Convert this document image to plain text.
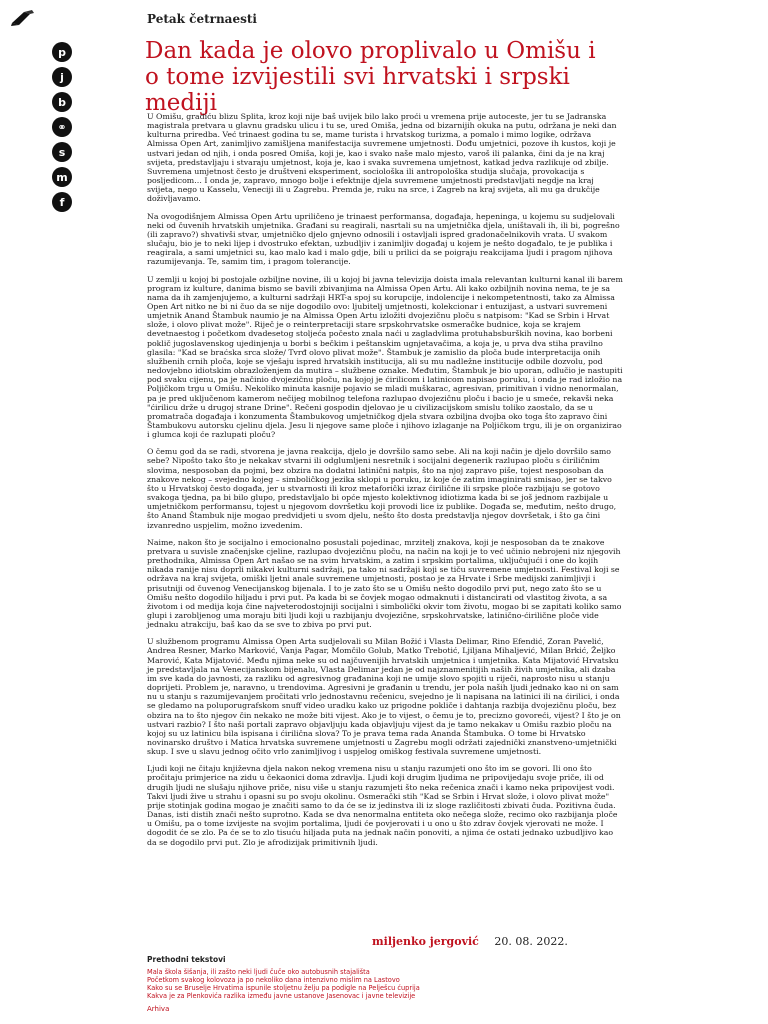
Petak četrnaesti
p
j
b
⚭
s
m
f
Dan kada je olovo proplivalo u Omišu i o tome izvijestili svi hrvatski i srpski mediji

U Omišu, gradiću blizu Splita, kroz koji nije baš uvijek bilo lako proći u vremena prije autoceste, jer tu se Jadranska magistrala pretvara u glavnu gradsku ulicu i tu se, ured Omiša, jedna od bizarnijih okuka na putu, održana je neki dan kulturna priredba. Već trinaest godina tu se, mame turista i hrvatskog turizma, a pomalo i mimo logike, održava Almissa Open Art, zanimljivo zamišljena manifestacija suvremene umjetnosti. Dođu umjetnici, pozove ih kustos, koji je ustvari jedan od njih, i onda posred Omiša, koji je, kao i svako naše malo mjesto, varoš ili palanka, čini da je na kraj svijeta, predstavljaju i stvaraju umjetnost, koja je, kao i svaka suvremena umjetnost, katkad jedva razlikuje od zbilje. Suvremena umjetnost često je društveni eksperiment, sociološka ili antropološka studija slučaja, provokacija s posljedicom… I onda je, zapravo, mnogo bolje i efektnije djela suvremene umjetnosti predstavljati negdje na kraj svijeta, nego u Kasselu, Veneciji ili u Zagrebu. Premda je, ruku na srce, i Zagreb na kraj svijeta, ali mu ga drukčije doživljavamo.

Na ovogodišnjem Almissa Open Artu upriličeno je trinaest performansa, događaja, hepeninga, u kojemu su sudjelovali neki od čuvenih hrvatskih umjetnika. Građani su reagirali, nasrtali su na umjetnička djela, uništavali ih, ili bi, pogrešno (ili zapravo?) shvativši stvar, umjetničko djelo gnjevno odnosili i ostavljali ispred gradonačelnikovih vrata. U svakom slučaju, bio je to neki lijep i dvostruko efektan, uzbudljiv i zanimljiv događaj u kojem je nešto događalo, te je publika i reagirala, a sami umjetnici su, kao malo kad i malo gdje, bili u prilici da se poigraju reakcijama ljudi i pragom njihova razumijevanja. Te, samim tim, i pragom tolerancije.

U zemlji u kojoj bi postojale ozbiljne novine, ili u kojoj bi javna televizija doista imala relevantan kulturni kanal ili barem program iz kulture, danima bismo se bavili zbivanjima na Almissa Open Artu. Ali kako ozbiljnih novina nema, te je sa nama da ih zamjenjujemo, a kulturni sadržaji HRT-a spoj su korupcije, indolencije i nekompetentnosti, tako za Almissa Open Art nitko ne bi ni čuo da se nije dogodilo ovo: ljubitelj umjetnosti, kolekcionar i entuzijast, a ustvari suvremeni umjetnik Anand Štambuk naumio je na Almissa Open Artu izložiti dvojezičnu ploču s natpisom: "Kad se Srbin i Hrvat slože, i olovo plivat može". Riječ je o reinterpretaciji stare srpskohrvatske osmeračke budnice, koja se krajem devetnaestog i početkom dvadesetog stoljeća počesto znala naći u zagladvlima protuhabsburških novina, kao borbeni poklič jugoslavenskog ujedinjenja u borbi s bečkim i peštanskim ugnjetavačima, a koja je, u prva dva stiha pravilno glasila: "Kad se braćska srca slože/ Tvrđ olovo plivat može". Štambuk je zamislio da ploča bude interpretacija onih službenih crnih ploča, koje se vješaju ispred hrvatskih institucija, ali su mu nadležne institucije odbile dozvolu, pod nedovjebno idiotskim obrazloženjem da mutira – službene oznake. Međutim, Štambuk je bio uporan, odlučio je nastupiti pod svaku cijenu, pa je načinio dvojezičnu ploču, na kojoj je ćirilicom i latinicom napisao poruku, i onda je rad izložio na Poljičkom trgu u Omišu. Nekoliko minuta kasnije pojavio se mladi muškarac, agresivan, primitivan i vidno nenormalan, pa je pred uključenom kamerom nečijeg mobilnog telefona razlupao dvojezičnu ploču i bacio je u smeće, rekavši neka "ćirilicu drže u drugoj strane Drine". Rečeni gospodin djelovao je u civilizacijskom smislu toliko zaostalo, da se u promatrača događaja i konzumenta Štambukovog umjetničkog djela stvara ozbiljna dvojba oko toga što zapravo čini Štambukovu autorsku cjelinu djela. Jesu li njegove same ploče i njihovo izlaganje na Poljičkom trgu, ili je on organizirao i glumca koji će razlupati ploču?

O čemu god da se radi, stvorena je javna reakcija, djelo je dovršilo samo sebe. Ali na koji način je djelo dovršilo samo sebe? Nipošto tako što je nekakav stvarni ili odglumljeni nesretnik i socijalni degenerik razlupao ploču s ćiriličnim slovima, nesposoban da pojmi, bez obzira na dodatni latinični natpis, što na njoj zapravo piše, tojest nesposoban da znakove nekog – svejedno kojeg – simboličkog jezika sklopi u poruku, iz koje će zatim imaginirati smisao, jer se takvo što u Hrvatskoj često događa, jer u stvarnosti ili kroz metaforički izraz ćirilične ili srpske ploče razbijaju se gotovo svakoga tjedna, pa bi bilo glupo, predstavljalo bi opće mjesto kolektivnog idiotizma kada bi se još jednom razbijale u umjetničkom performansu, tojest u njegovom dovršetku koji provodi lice iz publike. Događa se, međutim, nešto drugo, što Anand Štambuk nije mogao predvidjeti u svom djelu, nešto što dosta predstavlja njegov dovršetak, i što ga čini izvanredno uspjelim, možno izvedenim.

Naime, nakon što je socijalno i emocionalno posustali pojedinac, mrzitelj znakova, koji je nesposoban da te znakove pretvara u suvisle značenjske cjeline, razlupao dvojezičnu ploču, na način na koji je to već učinio nebrojeni niz njegovih prethodnika, Almissa Open Art našao se na svim hrvatskim, a zatim i srpskim portalima, uključujući i one do kojih nikada ranije nisu doprli nikakvi kulturni sadržaji, pa tako ni sadržaji koji se tiču suvremene umjetnosti. Festival koji se održava na kraj svijeta, omiški ljetni anale suvremene umjetnosti, postao je za Hrvate i Srbe medijski zanimljivji i prisutniji od čuvenog Venecijanskog bijenala. I to je zato što se u Omišu nešto dogodilo prvi put, nego zato što se u Omišu nešto dogodilo hiljadu i prvi put. Pa kada bi se čovjek mogao odmaknuti i distancirati od vlastitog života, a sa životom i od medija koja čine najveterodostojniji socijalni i simbolički okvir tom životu, mogao bi se zapitati koliko samo glupi i zarobljenog uma moraju biti ljudi koji u razbijanju dvojezične, srpskohrvatske, latinično-ćirilične ploče vide jednaku atrakciju, baš kao da se sve to zbiva po prvi put.

U službenom programu Almissa Open Arta sudjelovali su Milan Božić i Vlasta Delimar, Rino Efendić, Zoran Pavelić, Andrea Resner, Marko Marković, Vanja Pagar, Momčilo Golub, Matko Trebotić, Ljiljana Mihaljević, Milan Brkić, Željko Marović, Kata Mijatović. Među njima neke su od najčuvenijih hrvatskih umjetnica i umjetnika. Kata Mijatović Hrvatsku je predstavljala na Venecijanskom bijenalu, Vlasta Delimar jedan je od najznamenitijih naših živih umjetnika, ali dzaba im sve kada do javnosti, za razliku od agresivnog građanina koji ne umije slovo spojiti u riječi, naprosto nisu u stanju doprijeti. Problem je, naravno, u trendovima. Agresivni je građanin u trendu, jer pola naših ljudi jednako kao ni on sam nu u stanju s razumijevanjem pročitati vrlo jednostavnu rečenicu, svejedno je li napisana na latinici ili na ćirilici, i onda se gledamo na poluporugrafskom snuff video uradku kako uz prigodne pokliče i dahtanja razbija dvojezičnu ploču, bez obzira na to što njegov čin nekako ne može biti vijest. Ako je to vijest, o čemu je to, precizno govoreći, vijest? I što je on ustvari razbio? I što naši portali zapravo objavljuju kada objavljuju vijest da je tamo nekakav u Omišu razbio ploču na kojoj su uz latinicu bila ispisana i ćirilična slova? To je prava tema rada Ananda Štambuka. O tome bi Hrvatsko novinarsko društvo i Matica hrvatska suvremene umjetnosti u Zagrebu mogli održati zajednički znanstveno-umjetnički skup. I sve u slavu jednog očito vrlo zanimljivog i uspjelog omiškog festivala suvremene umjetnosti.

Ljudi koji ne čitaju književna djela nakon nekog vremena nisu u stanju razumjeti ono što im se govori. Ili ono što pročitaju primjerice na zidu u čekaonici doma zdravlja. Ljudi koji drugim ljudima ne pripovijedaju svoje priče, ili od drugih ljudi ne slušaju njihove priče, nisu više u stanju razumjeti što neka rečenica znači i kamo neka pripovijest vodi. Takvi ljudi žive u strahu i opasni su po svoju okolinu. Osmerački stih "Kad se Srbin i Hrvat slože, i olovo plivat može" prije stotinjak godina mogao je značiti samo to da će se iz jedinstva ili iz sloge različitosti zbivati čuda. Pozitivna čuda. Danas, isti distih znači nešto suprotno. Kada se dva nenormalna entiteta oko nečega slože, recimo oko razbijanja ploče u Omišu, pa o tome izvijeste na svojim portalima, ljudi će povjerovati i u ono u što zdrav čovjek vjerovati ne može. I dogodit će se zlo. Pa će se to zlo tisuću hiljada puta na jednak način ponoviti, a njima će ostati jednako uzbudljivo kao da se dogodilo prvi put. Zlo je afrodizijak primitivnih ljudi.

miljenko jergović 20. 08. 2022.

Prethodni tekstovi
Mala škola šišanja, ili zašto neki ljudi čuče oko autobusnih stajališta
Početkom svakog kolovoza ja po nekoliko dana intenzivno mislim na Lastovo
Kako su se Bruselje Hrvatima ispunile stoljetnu želju pa podigle na Pelješcu ćuprija
Kakva je za Plenkovića razlika između javne ustanove Jasenovac i javne televizije

Arhiva
